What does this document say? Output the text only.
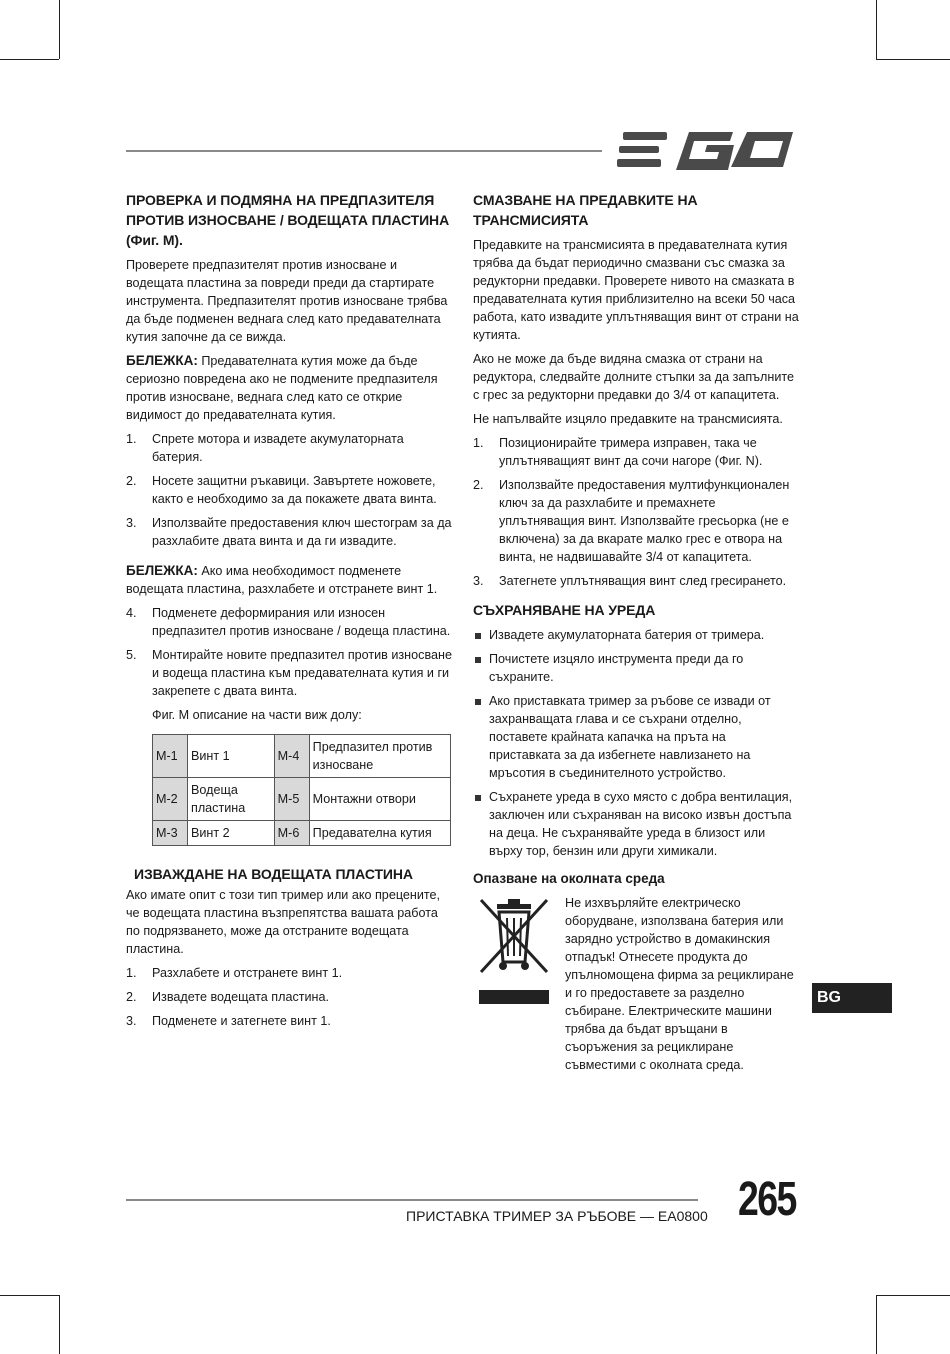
ПРОВЕРКА И ПОДМЯНА НА ПРЕДПАЗИТЕЛЯ ПРОТИВ ИЗНОСВАНЕ / ВОДЕЩАТА ПЛАСТИНА (Фиг. M).

Проверете предпазителят против износване и водещата пластина за повреди преди да стартирате инструмента. Предпазителят против износване трябва да бъде подменен веднага след като предавателната кутия започне да се вижда.

БЕЛЕЖКА: Предавателната кутия може да бъде сериозно повредена ако не подмените предпазителя против износване, веднага след като се открие видимост до предавателната кутия.

1. Спрете мотора и извадете акумулаторната батерия.
2. Носете защитни ръкавици. Завъртете ножовете, както е необходимо за да покажете двата винта.
3. Използвайте предоставения ключ шестограм за да разхлабите двата винта и да ги извадите.

БЕЛЕЖКА: Ако има необходимост подменете водещата пластина, разхлабете и отстранете винт 1.

4. Подменете деформирания или износен предпазител против износване / водеща пластина.
5. Монтирайте новите предпазител против износване и водеща пластина към предавателната кутия и ги закрепете с двата винта.

Фиг. M описание на части виж долу:

M-1	Винт 1	M-4	Предпазител против износване
M-2	Водеща пластина	M-5	Монтажни отвори
M-3	Винт 2	M-6	Предавателна кутия
ИЗВАЖДАНЕ НА ВОДЕЩАТА ПЛАСТИНА

Ако имате опит с този тип тример или ако прецените, че водещата пластина възпрепятства вашата работа по подрязването, може да отстраните водещата пластина.

1. Разхлабете и отстранете винт 1.
2. Извадете водещата пластина.
3. Подменете и затегнете винт 1.
СМАЗВАНЕ НА ПРЕДАВКИТЕ НА ТРАНСМИСИЯТА

Предавките на трансмисията в предавателната кутия трябва да бъдат периодично смазвани със смазка за редукторни предавки. Проверете нивото на смазката в предавателната кутия приблизително на всеки 50 часа работа, като извадите уплътняващия винт от страни на кутията.

Ако не може да бъде видяна смазка от страни на редуктора, следвайте долните стъпки за да запълните с грес за редукторни предавки до 3/4 от капацитета.

Не напълвайте изцяло предавките на трансмисията.

1. Позиционирайте тримера изправен, така че уплътняващият винт да сочи нагоре (Фиг. N).
2. Използвайте предоставения мултифункционален ключ за да разхлабите и премахнете уплътняващия винт. Използвайте гресьорка (не е включена) за да вкарате малко грес е отвора на винта, не надвишавайте 3/4 от капацитета.
3. Затегнете уплътняващия винт след гресирането.
СЪХРАНЯВАНЕ НА УРЕДА
Извадете акумулаторната батерия от тримера.
Почистете изцяло инструмента преди да го съхраните.
Ако приставката тример за ръбове се извади от захранващата глава и се съхрани отделно, поставете крайната капачка на пръта на приставката за да избегнете навлизането на мръсотия в съединителното устройство.
Съхранете уреда в сухо място с добра вентилация, заключен или съхраняван на високо извън достъпа на деца. Не съхранявайте уреда в близост или върху тор, бензин или други химикали.
Опазване на околната среда
Не изхвърляйте електрическо оборудване, използвана батерия или зарядно устройство в домакинския отпадък! Отнесете продукта до упълномощена фирма за рециклиране и го предоставете за разделно събиране. Електрическите машини трябва да бъдат връщани в съоръжения за рециклиране съвместими с околната среда.
BG
ПРИСТАВКА ТРИМЕР ЗА РЪБОВЕ — EA0800 265
